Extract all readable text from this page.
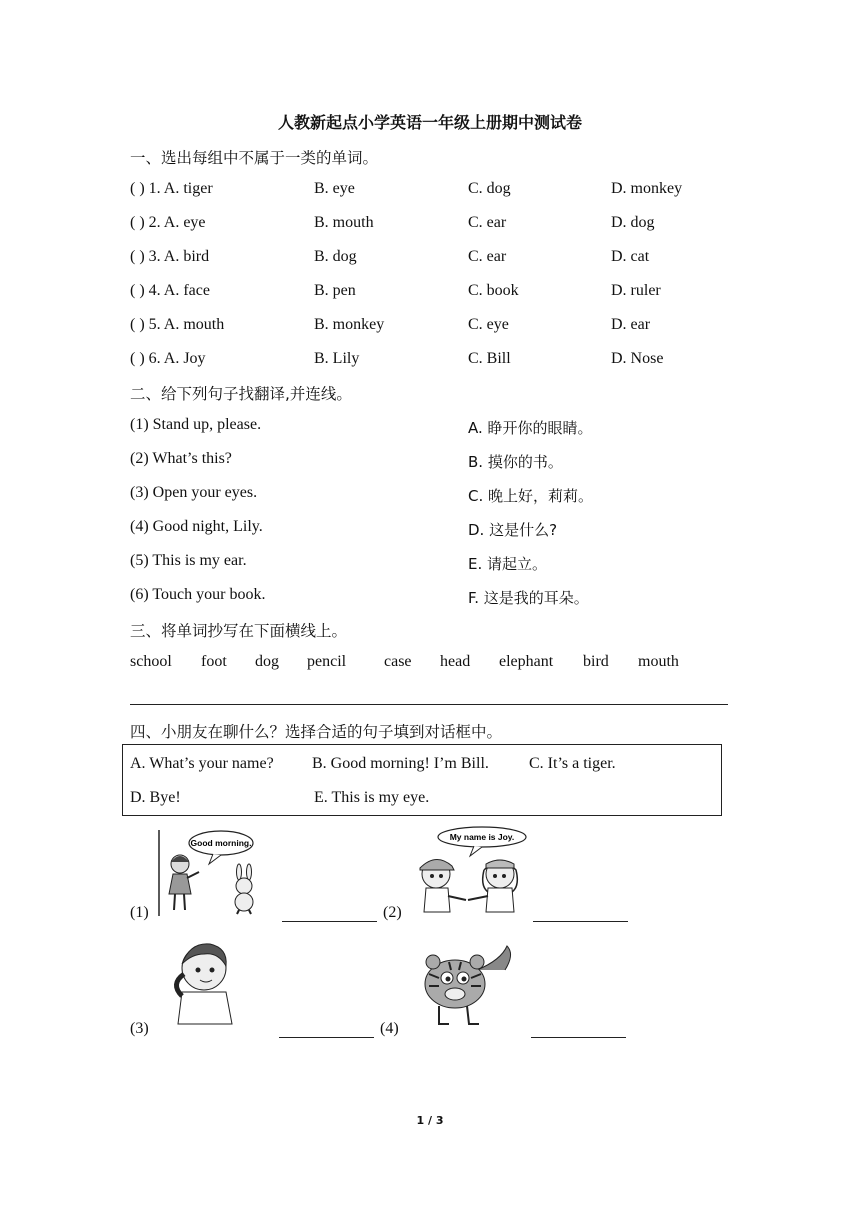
人教新起点小学英语一年级上册期中测试卷
一、选出每组中不属于一类的单词。
( ) 1. A. tiger	B. eye	C. dog	D. monkey
( ) 2. A. eye	B. mouth	C. ear	D. dog
( ) 3. A. bird	B. dog	C. ear	D. cat
( ) 4. A. face	B. pen	C. book	D. ruler
( ) 5. A. mouth	B. monkey	C. eye	D. ear
( ) 6. A. Joy	B. Lily	C. Bill	D. Nose
二、给下列句子找翻译,并连线。
(1) Stand up, please.	A. 睁开你的眼睛。
(2) What’s this?	B. 摸你的书。
(3) Open your eyes.	C. 晚上好，莉莉。
(4) Good night, Lily.	D. 这是什么?
(5) This is my ear.	E. 请起立。
(6) Touch your book.	F. 这是我的耳朵。
三、将单词抄写在下面横线上。
school foot dog pencil case head elephant bird mouth
四、小朋友在聊什么？选择合适的句子填到对话框中。
A. What’s your name? B. Good morning! I’m Bill.	C. It’s a tiger.
D. Bye!	E. This is my eye.
Good morning.
(1)
My name is Joy.
(2)
(3)	(4)
1 / 3
